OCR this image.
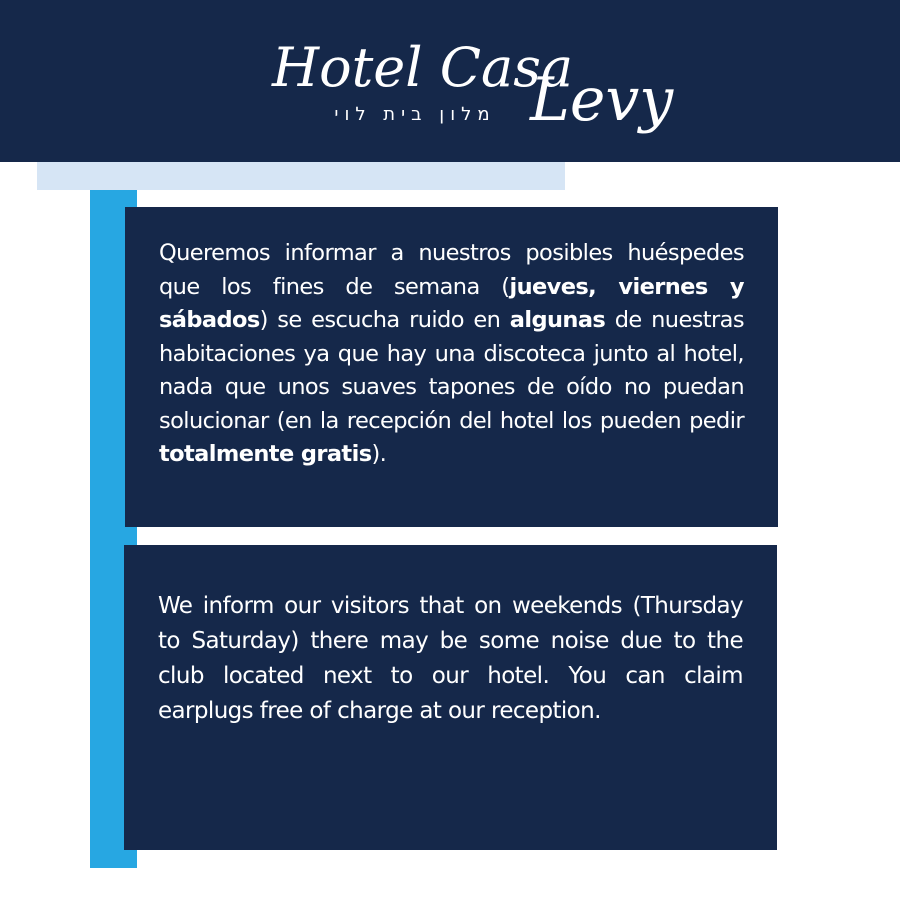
Hotel Casa
Levy
מלון בית לוי

Queremos informar a nuestros posibles huéspedes que los fines de semana (jueves, viernes y sábados) se escucha ruido en algunas de nuestras habitaciones ya que hay una discoteca junto al hotel, nada que unos suaves tapones de oído no puedan solucionar (en la recepción del hotel los pueden pedir totalmente gratis).

We inform our visitors that on weekends (Thursday to Saturday) there may be some noise due to the club located next to our hotel. You can claim earplugs free of charge at our reception.
